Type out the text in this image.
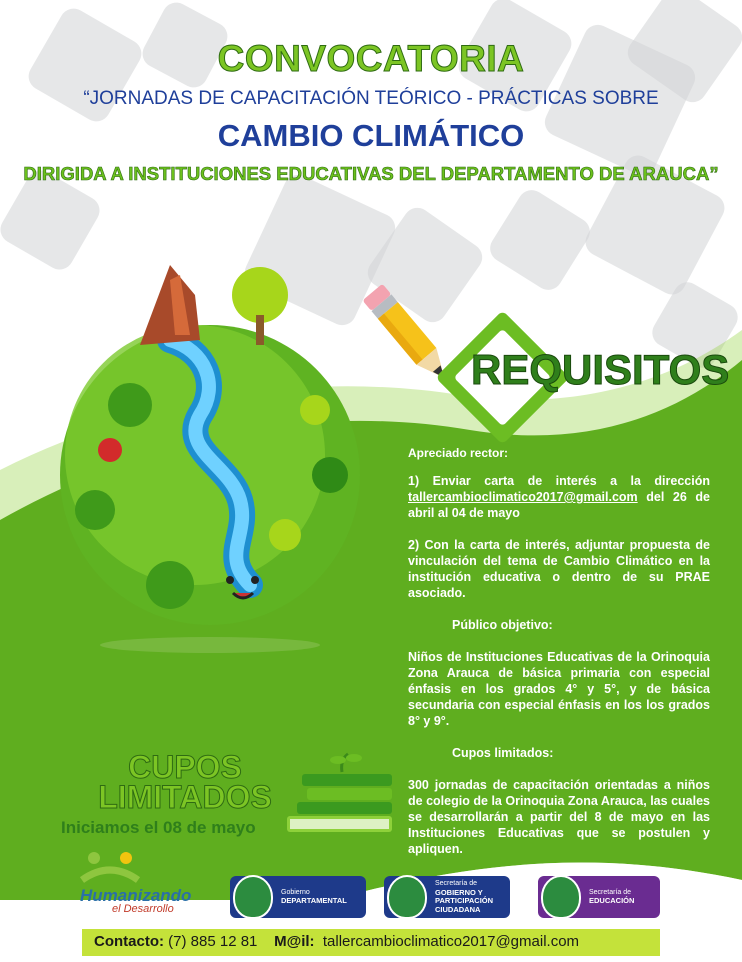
CONVOCATORIA
“JORNADAS DE CAPACITACIÓN TEÓRICO - PRÁCTICAS SOBRE
CAMBIO CLIMÁTICO
DIRIGIDA A INSTITUCIONES EDUCATIVAS DEL DEPARTAMENTO DE ARAUCA”
REQUISITOS

Apreciado rector:

1) Enviar carta de interés a la dirección tallercambioclimatico2017@gmail.com del 26 de abril al 04 de mayo

2) Con la carta de interés, adjuntar propuesta de vinculación del tema de Cambio Climático en la institución educativa o dentro de su PRAE asociado.

Público objetivo:

Niños de Instituciones Educativas de la Orinoquia Zona Arauca de básica primaria con especial énfasis en los grados 4° y 5°, y de básica secundaria con especial énfasis en los los grados 8° y 9°.

Cupos limitados:

300 jornadas de capacitación orientadas a niños de colegio de la Orinoquia Zona Arauca, las cuales se desarrollarán a partir del 8 de mayo en las Instituciones Educativas que se postulen y apliquen.

CUPOS
LIMITADOS
Iniciamos el 08 de mayo
Humanizando
el Desarrollo
Gobierno
DEPARTAMENTAL
Secretaría de
GOBIERNO Y PARTICIPACIÓN CIUDADANA
Secretaría de
EDUCACIÓN
Contacto: (7) 885 12 81 M@il: tallercambioclimatico2017@gmail.com
